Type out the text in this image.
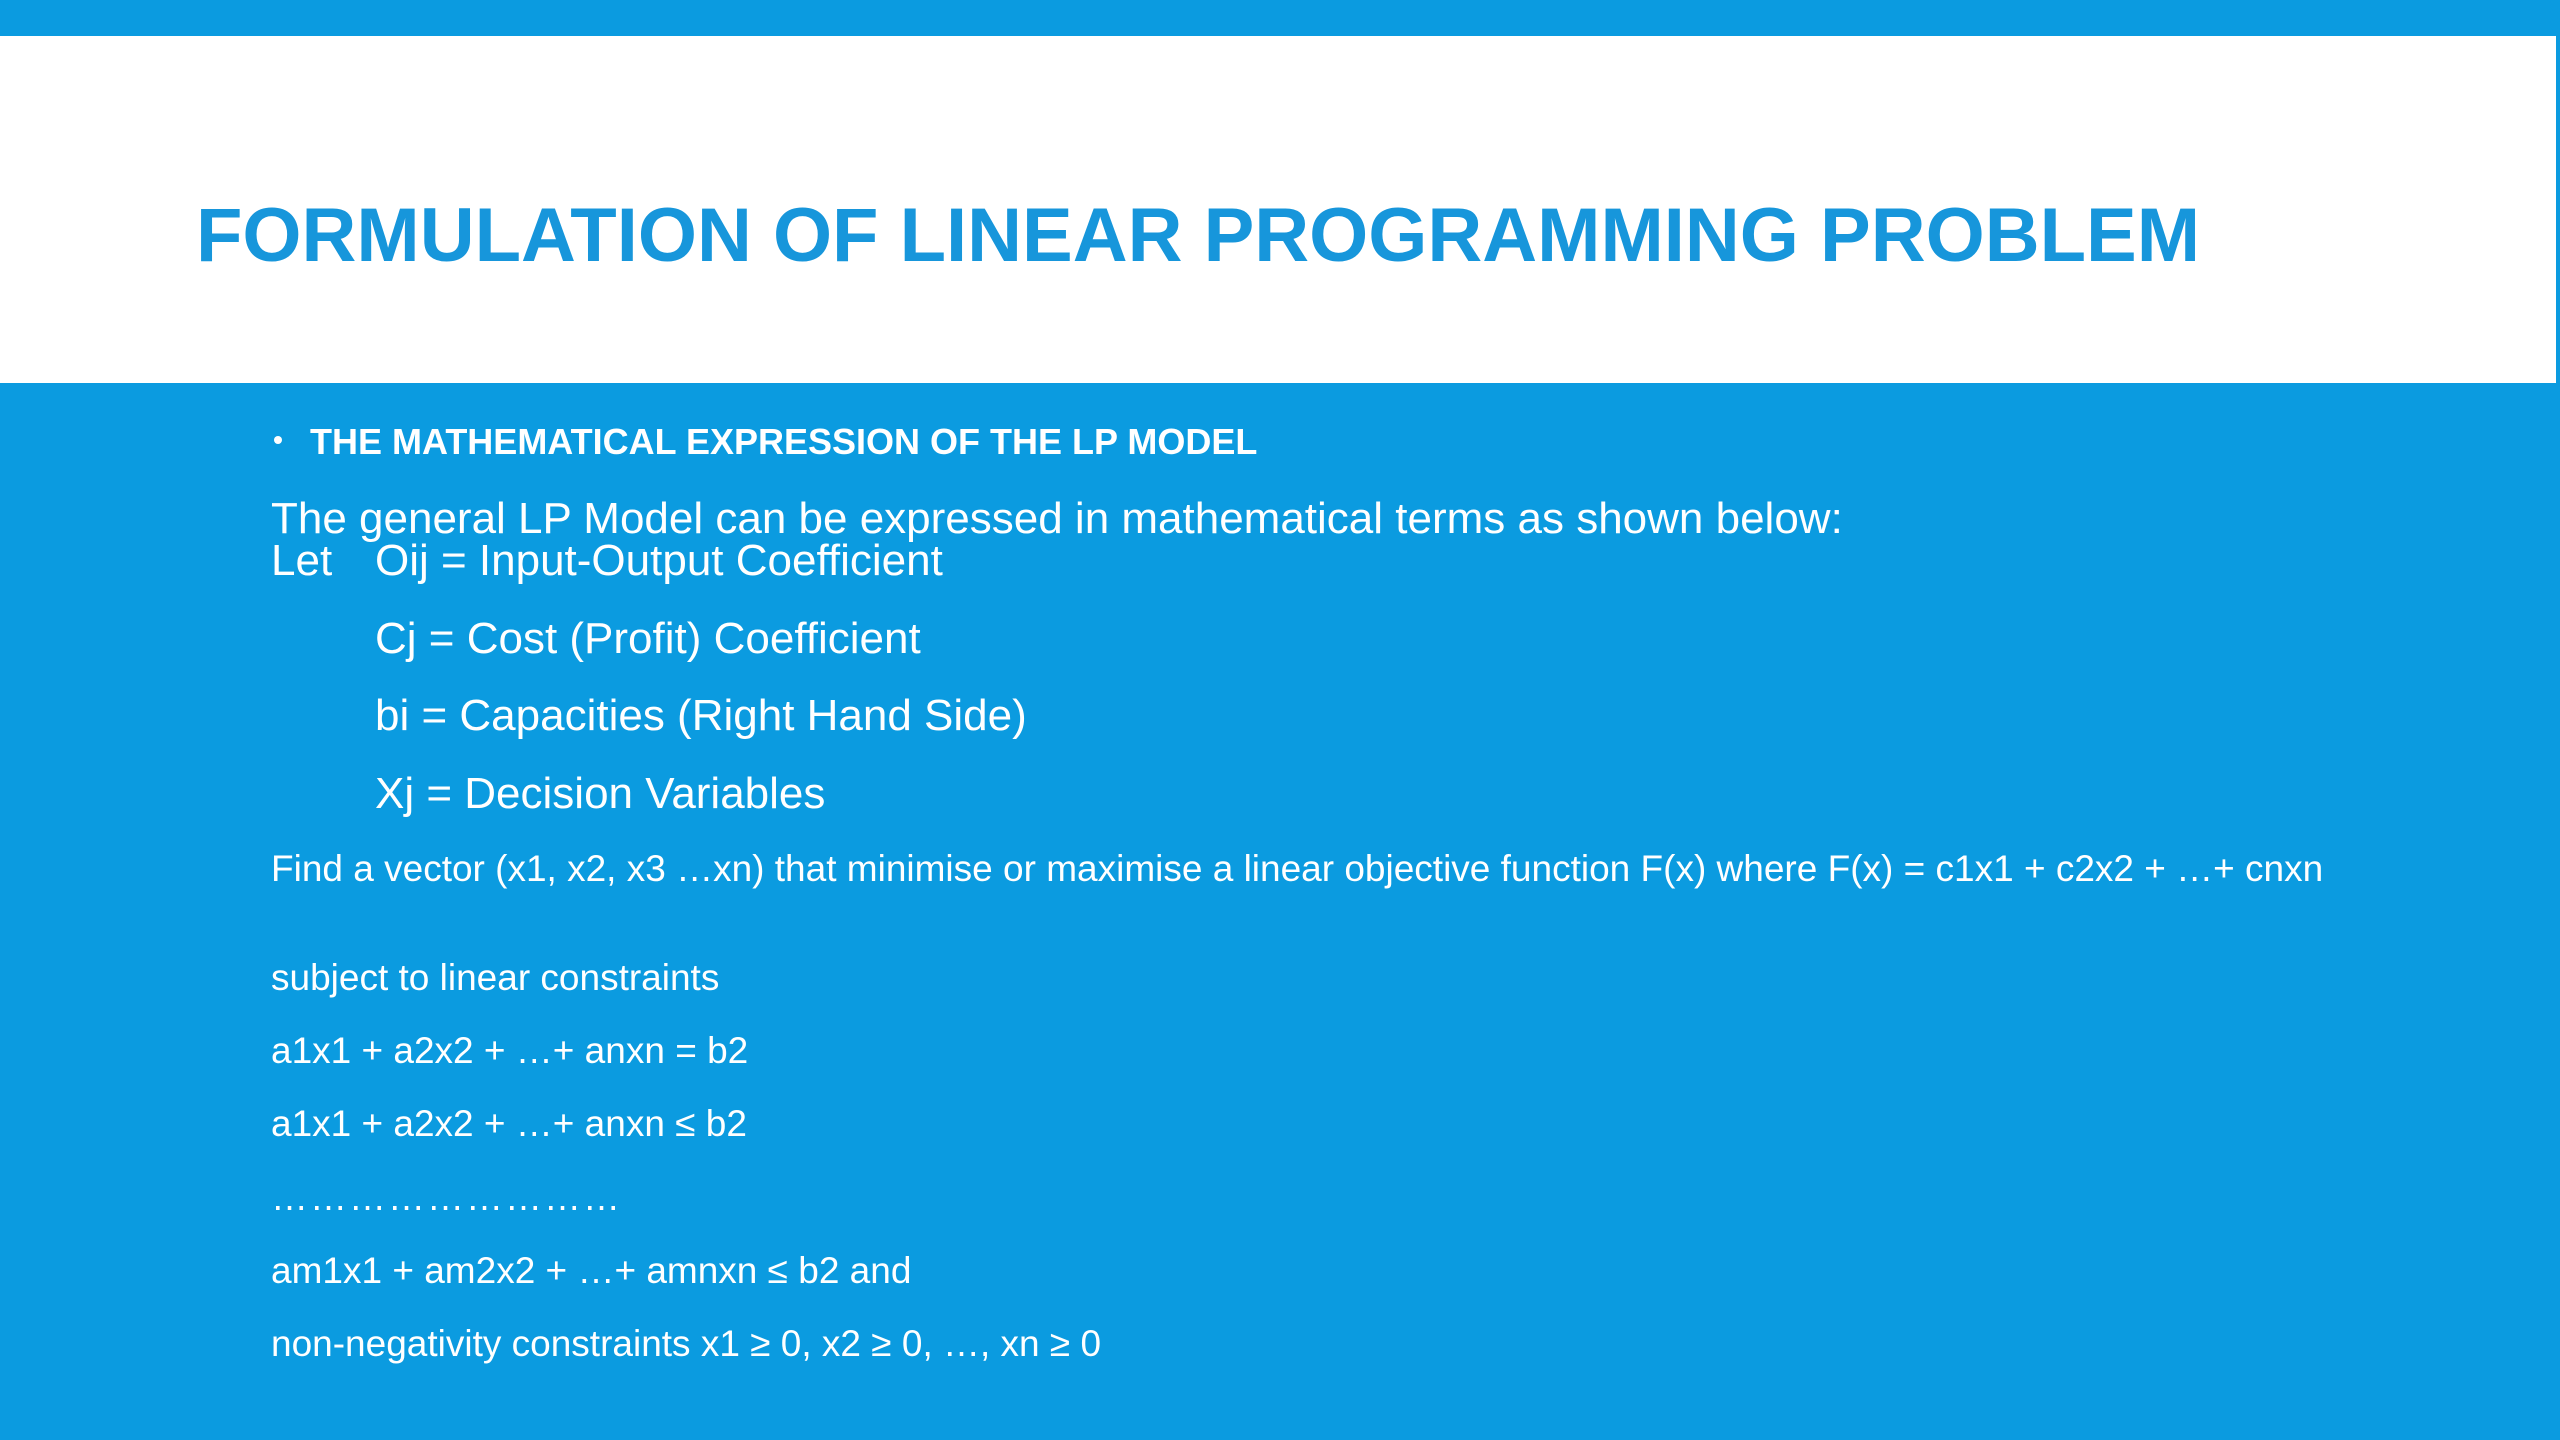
FORMULATION OF LINEAR PROGRAMMING PROBLEM
THE MATHEMATICAL EXPRESSION OF THE LP MODEL
The general LP Model can be expressed in mathematical terms as shown below:
Let Oij = Input-Output Coefficient
Cj = Cost (Profit) Coefficient
bi = Capacities (Right Hand Side)
Xj = Decision Variables
Find a vector (x1, x2, x3 …xn) that minimise or maximise a linear objective function F(x) where F(x) = c1x1 + c2x2 + …+ cnxn
subject to linear constraints
a1x1 + a2x2 + …+ anxn = b2
a1x1 + a2x2 + …+ anxn ≤ b2
………………………
am1x1 + am2x2 + …+ amnxn ≤ b2 and
non-negativity constraints x1 ≥ 0, x2 ≥ 0, …, xn ≥ 0
